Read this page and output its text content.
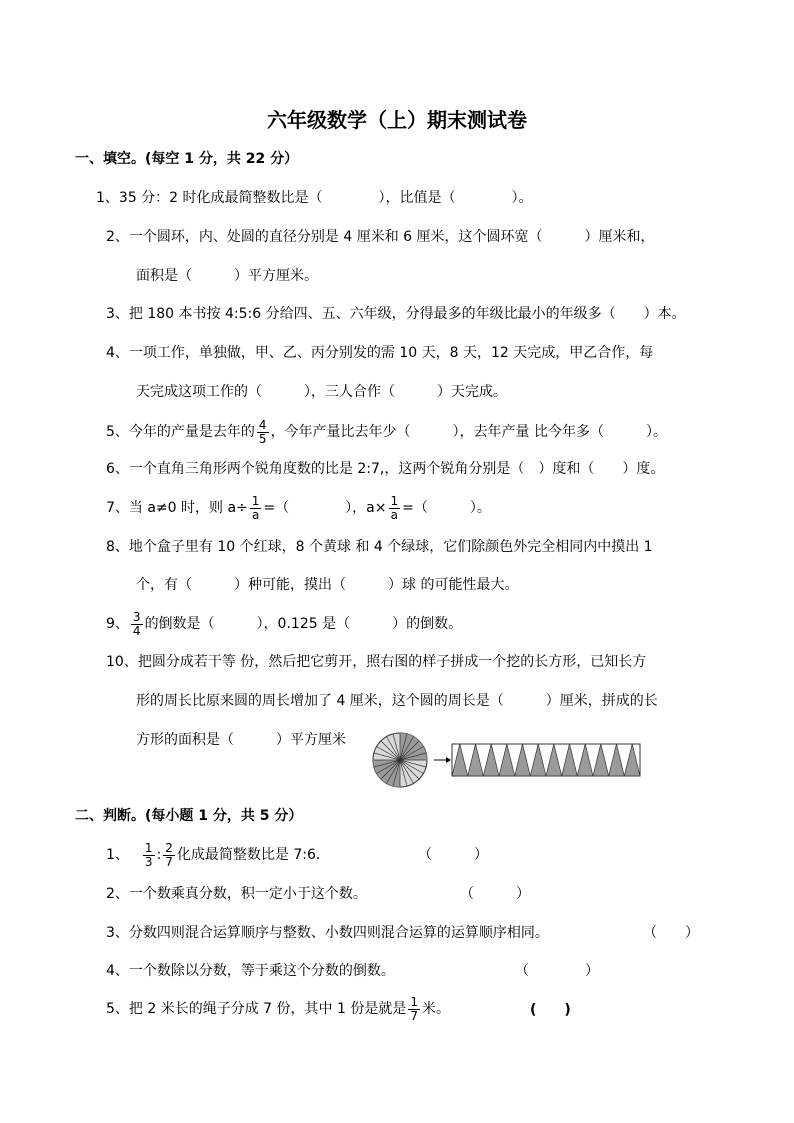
六年级数学（上）期末测试卷
一、填空。(每空 1 分，共 22 分）
1、35 分：2 时化成最简整数比是（　　　　），比值是（　　　　）。
2、一个圆环，内、处圆的直径分别是 4 厘米和 6 厘米，这个圆环宽（　　　）厘米和，
面积是（　　　）平方厘米。
3、把 180 本书按 4:5:6 分给四、五、六年级，分得最多的年级比最小的年级多（　　）本。
4、一项工作，单独做，甲、乙、丙分别发的需 10 天，8 天，12 天完成，甲乙合作，每
天完成这项工作的（　　　），三人合作（　　　）天完成。
5、今年的产量是去年的 $\frac{4}{5}$ ，今年产量比去年少（　　　），去年产量 比今年多（　　　）。
6、一个直角三角形两个锐角度数的比是 2:7,，这两个锐角分别是（　）度和（　　）度。
7、当 a≠0 时，则 $a\div \frac{1}{a}$ =（　　　　），$a\times \frac{1}{a}$ =（　　　）。
8、地个盒子里有 10 个红球，8 个黄球 和 4 个绿球，它们除颜色外完全相同内中摸出 1
个，有（　　　）种可能，摸出（　　　）球 的可能性最大。
9、 $\frac{3}{4}$ 的倒数是（　　　），0.125 是（　　　）的倒数。
10、把圆分成若干等 份，然后把它剪开，照右图的样子拼成一个挖的长方形，已知长方
形的周长比原来圆的周长增加了 4 厘米，这个圆的周长是（　　　）厘米，拼成的长
方形的面积是（　　　）平方厘米
二、判断。(每小题 1 分，共 5 分）
1、 $\frac{1}{3}$ : $\frac{2}{7}$ 化成最简整数比是 7:6.	（　　　）
2、一个数乘真分数，积一定小于这个数。	（　　　）
3、分数四则混合运算顺序与整数、小数四则混合运算的运算顺序相同。	（　　）
4、一个数除以分数，等于乘这个分数的倒数。	（　　　　）
5、把 2 米长的绳子分成 7 份，其中 1 份是就是 $\frac{1}{7}$ 米。	(　　)
